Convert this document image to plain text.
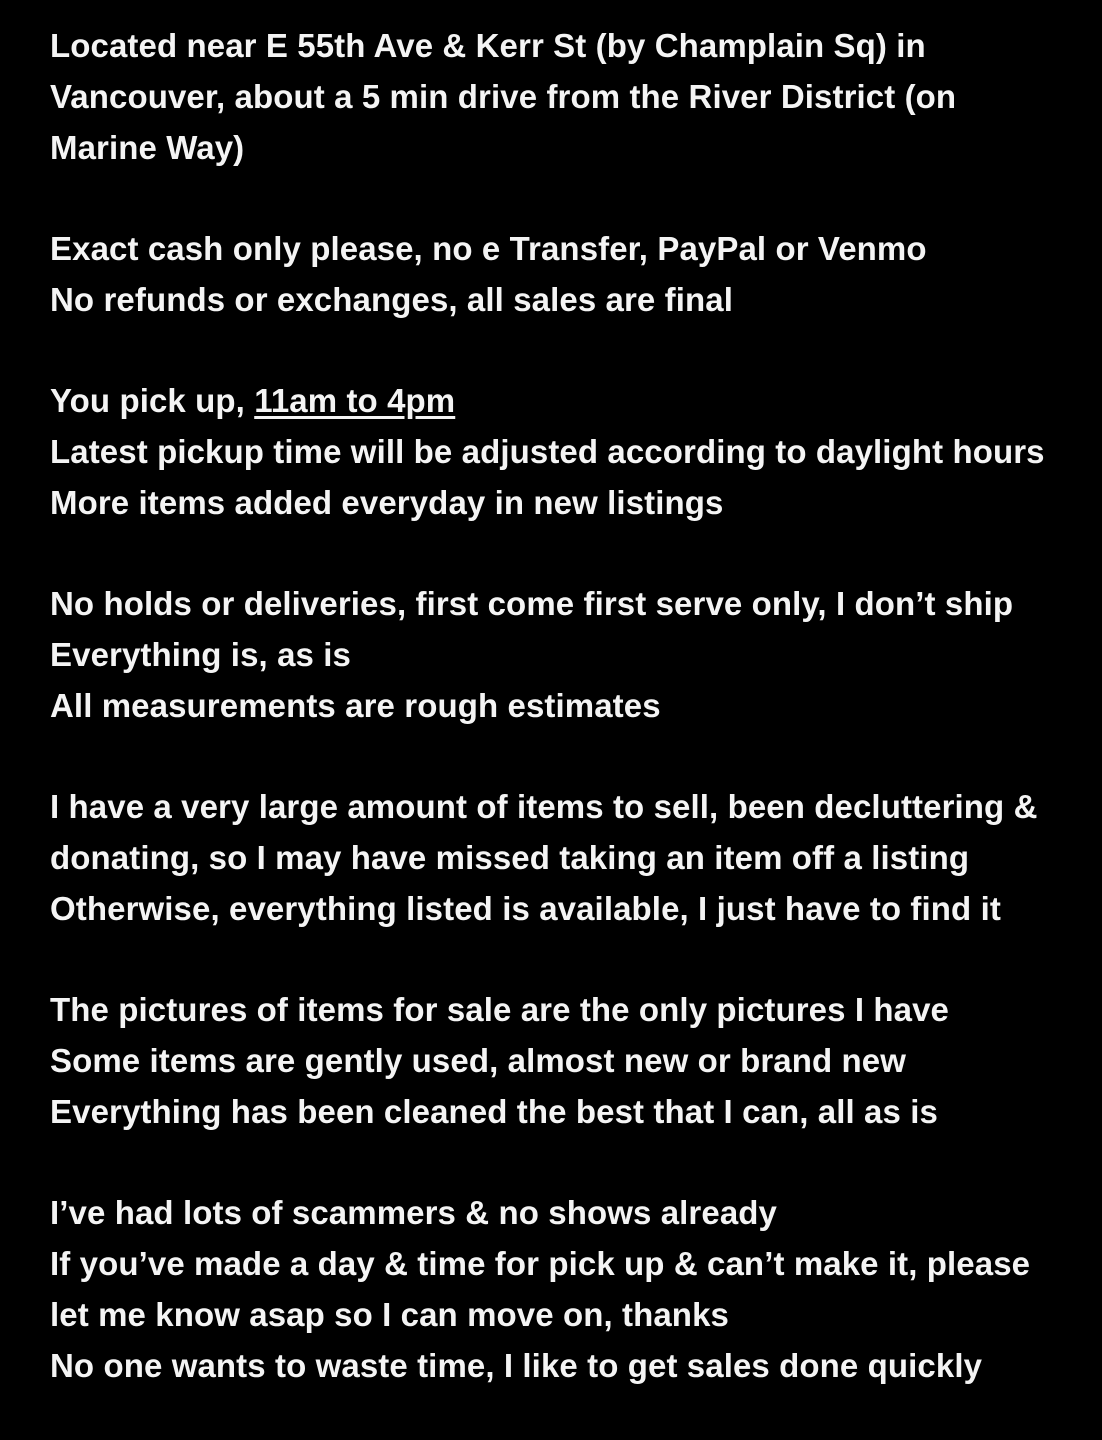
Located near E 55th Ave & Kerr St (by Champlain Sq) in Vancouver, about a 5 min drive from the River District (on Marine Way)
Exact cash only please, no e Transfer, PayPal or Venmo
No refunds or exchanges, all sales are final
You pick up, 11am to 4pm
Latest pickup time will be adjusted according to daylight hours
More items added everyday in new listings
No holds or deliveries, first come first serve only, I don’t ship
Everything is, as is
All measurements are rough estimates
I have a very large amount of items to sell, been decluttering & donating, so I may have missed taking an item off a listing
Otherwise, everything listed is available, I just have to find it
The pictures of items for sale are the only pictures I have
Some items are gently used, almost new or brand new
Everything has been cleaned the best that I can, all as is
I’ve had lots of scammers & no shows already
If you’ve made a day & time for pick up & can’t make it, please let me know asap so I can move on, thanks
No one wants to waste time, I like to get sales done quickly
